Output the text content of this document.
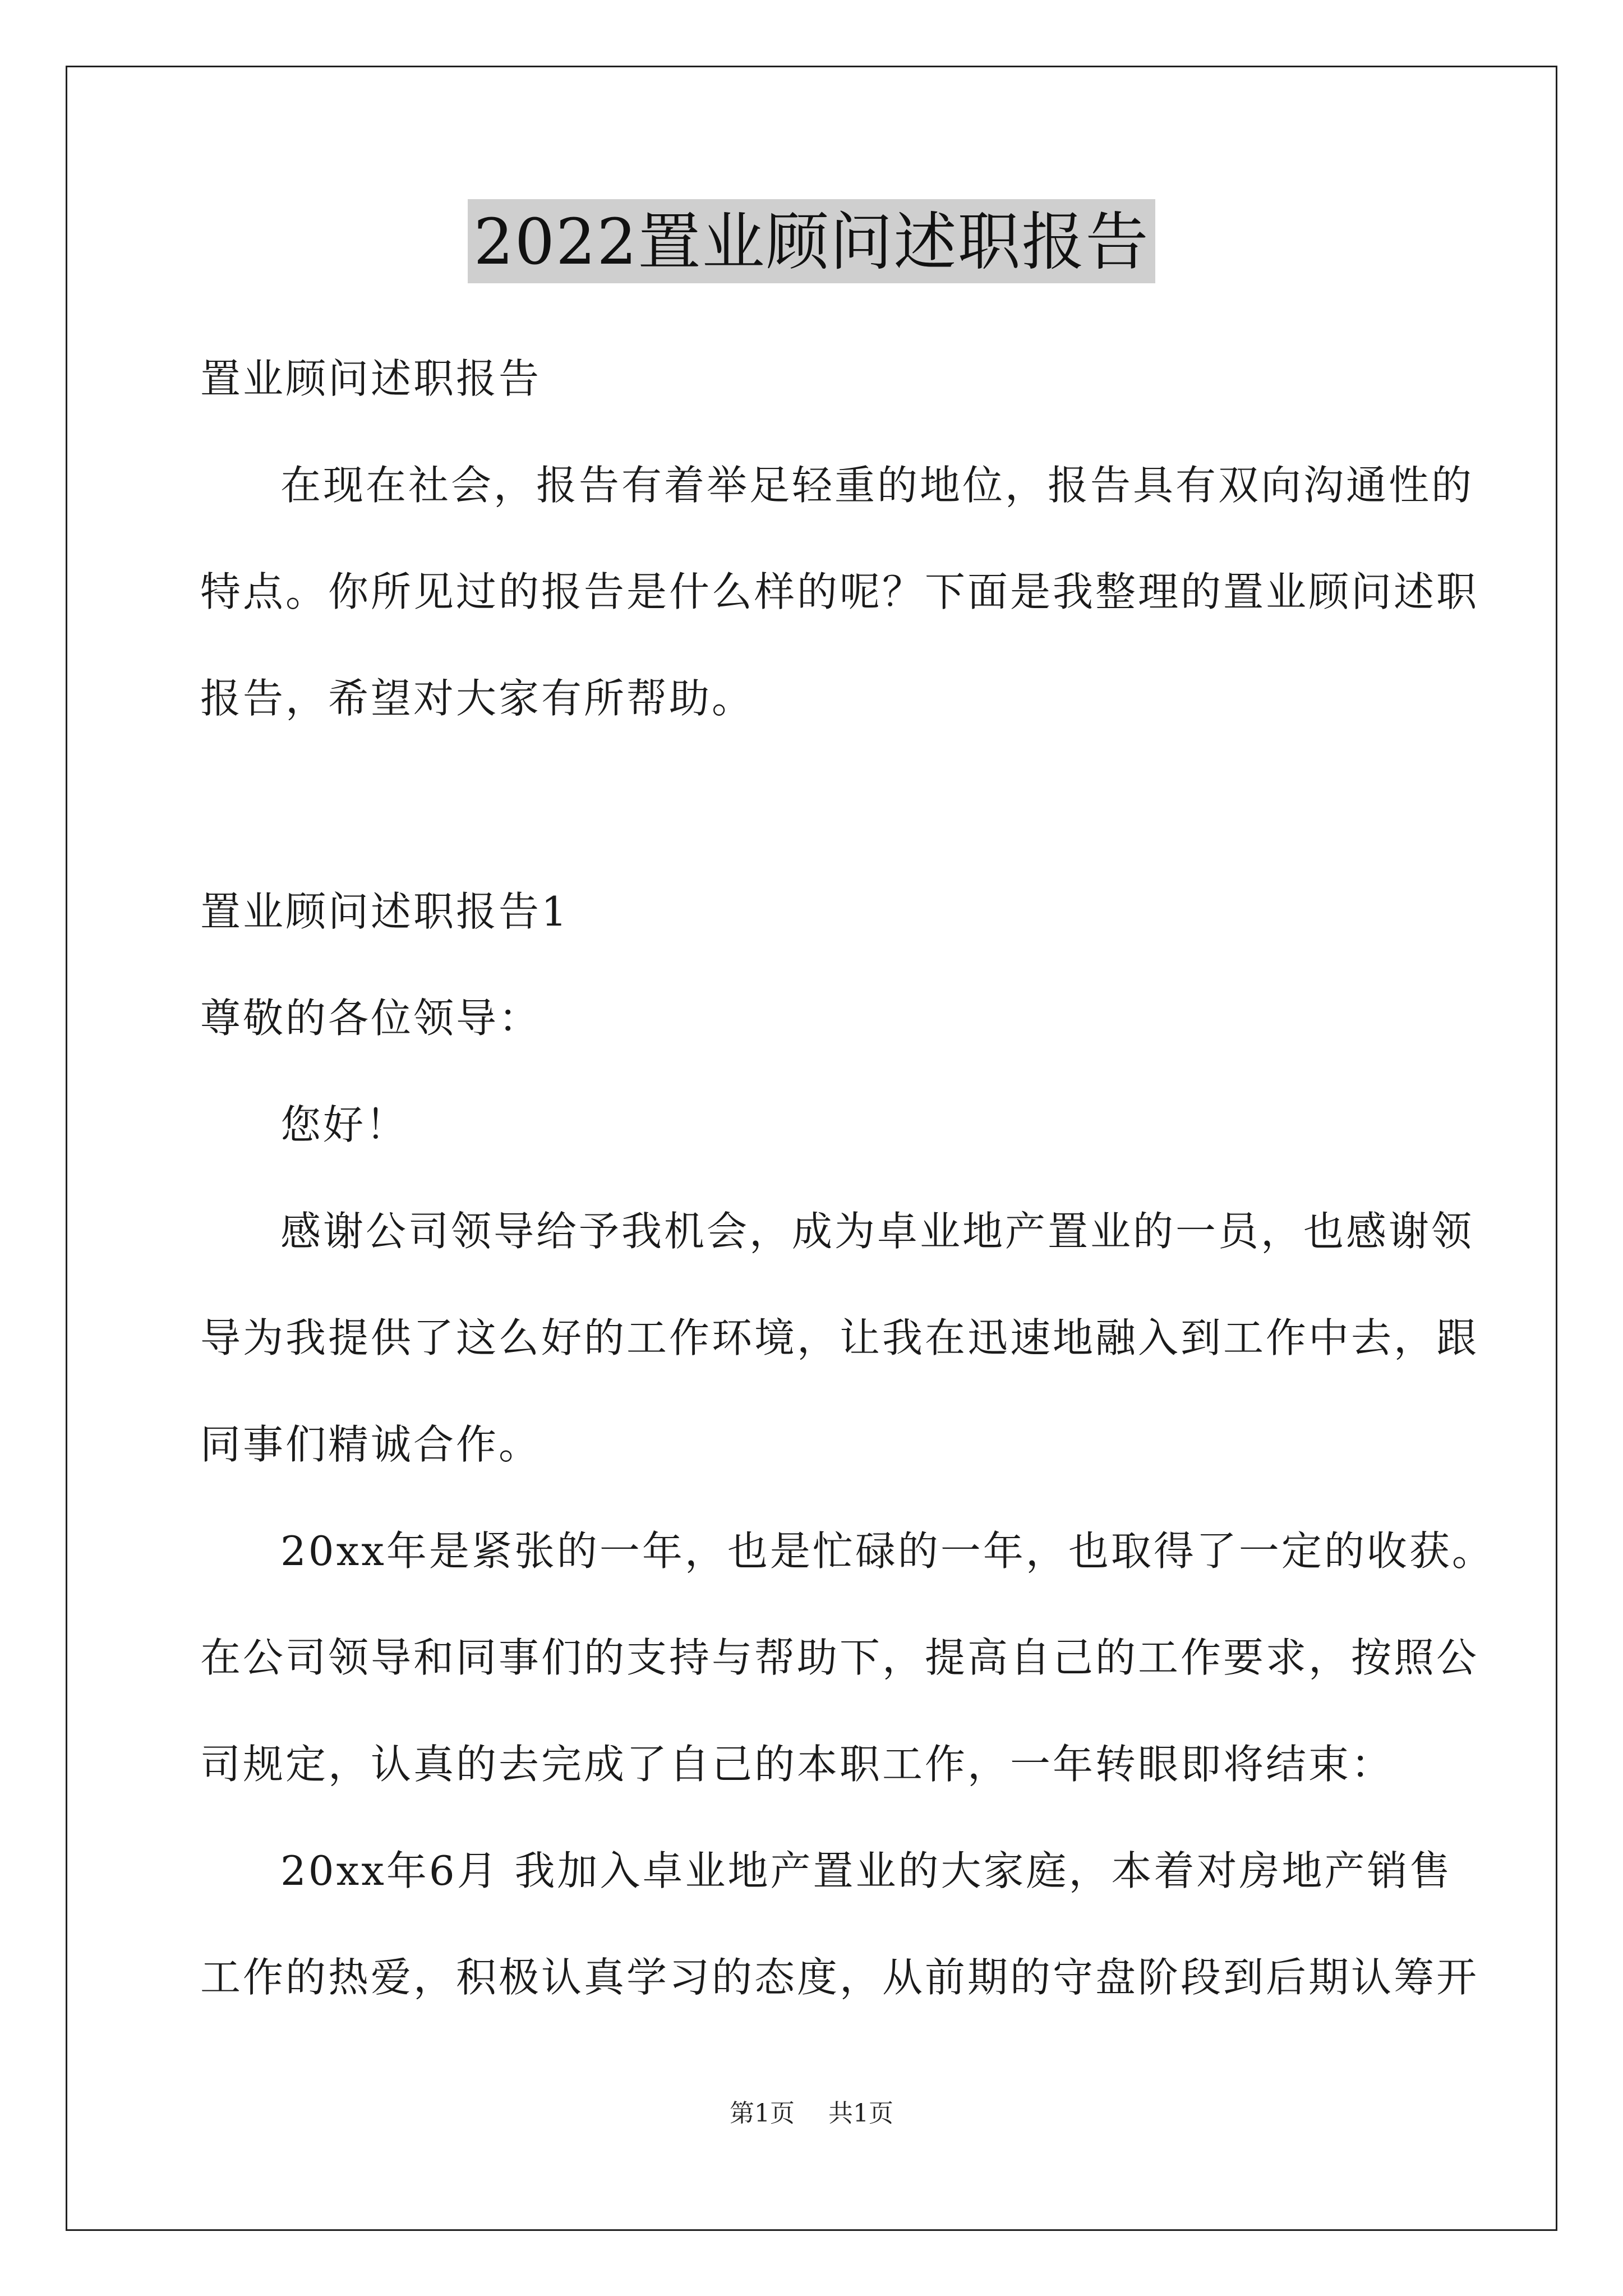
2022置业顾问述职报告
置业顾问述职报告
在现在社会，报告有着举足轻重的地位，报告具有双向沟通性的
特点。你所见过的报告是什么样的呢？下面是我整理的置业顾问述职
报告，希望对大家有所帮助。
置业顾问述职报告1
尊敬的各位领导：
您好！
感谢公司领导给予我机会，成为卓业地产置业的一员，也感谢领
导为我提供了这么好的工作环境，让我在迅速地融入到工作中去，跟
同事们精诚合作。
20xx年是紧张的一年，也是忙碌的一年，也取得了一定的收获。
在公司领导和同事们的支持与帮助下，提高自己的工作要求，按照公
司规定，认真的去完成了自己的本职工作，一年转眼即将结束：
20xx年6月 我加入卓业地产置业的大家庭，本着对房地产销售
工作的热爱，积极认真学习的态度，从前期的守盘阶段到后期认筹开
第1页 共1页
